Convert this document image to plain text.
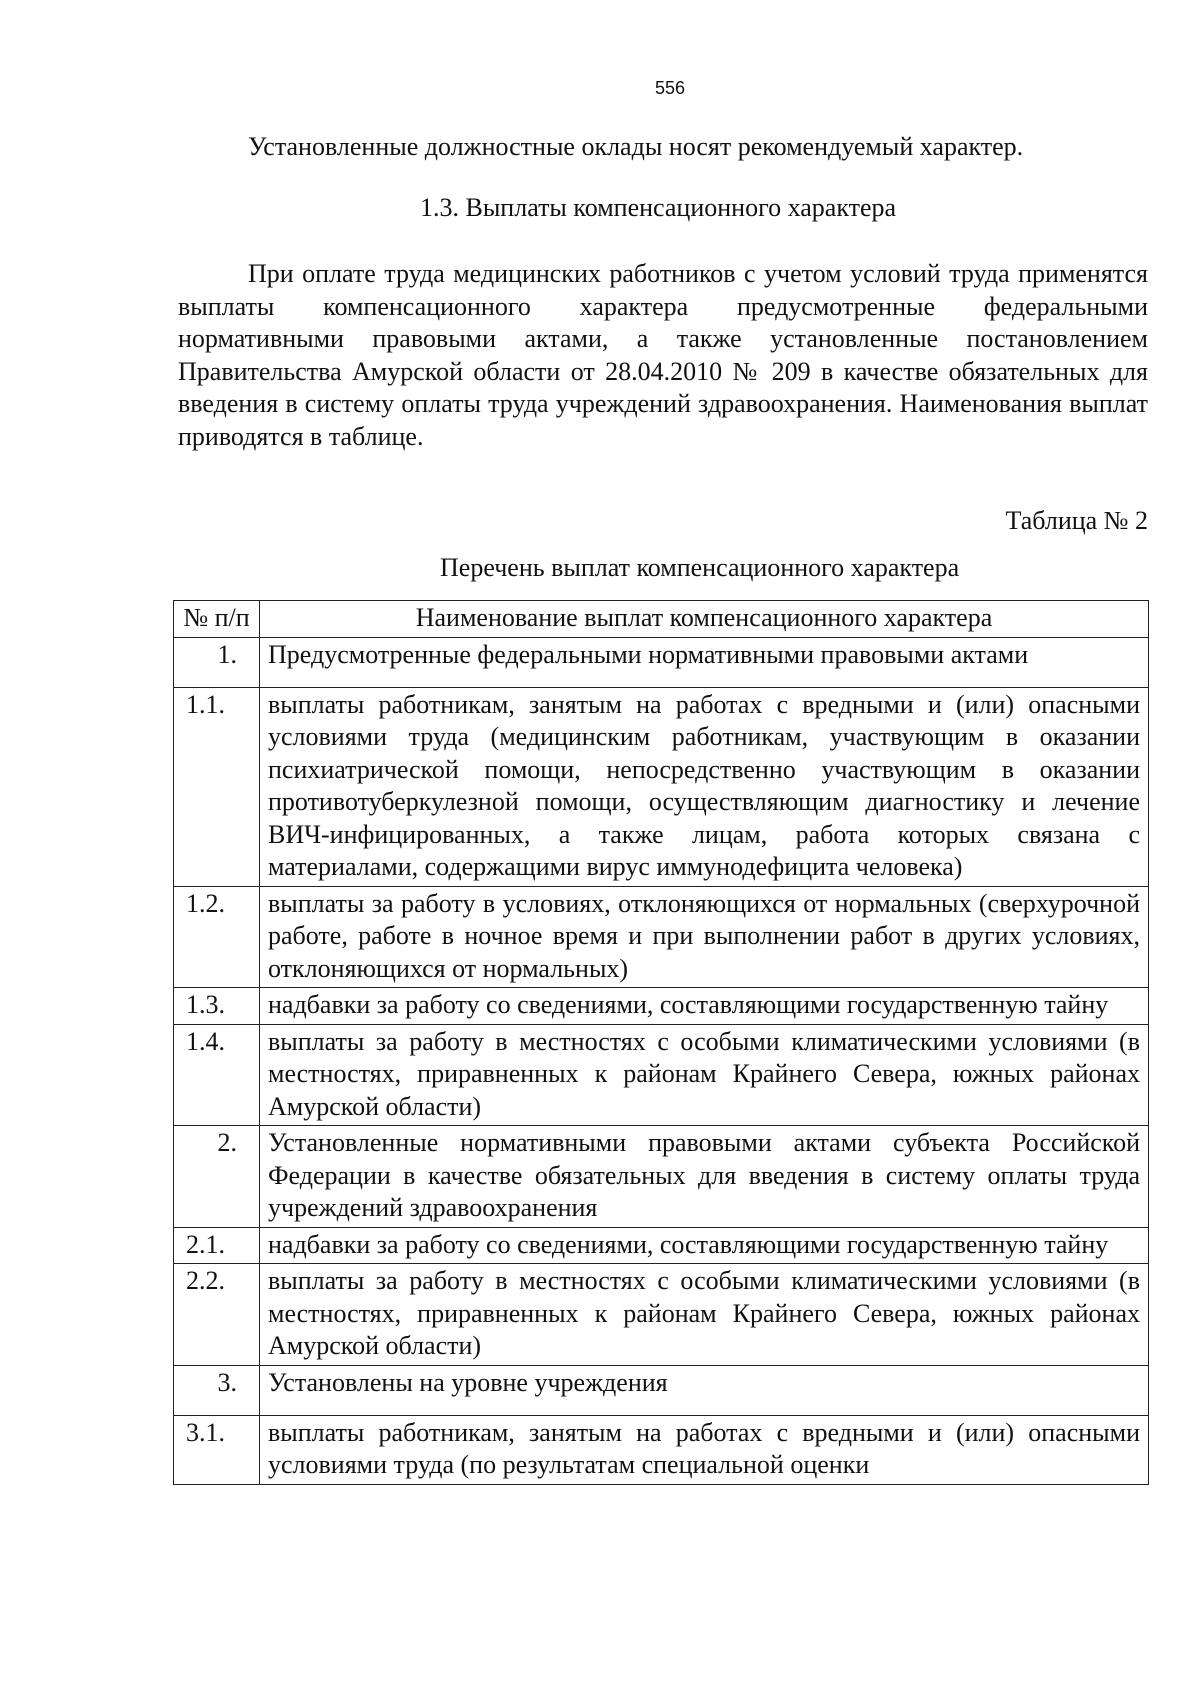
556
Установленные должностные оклады носят рекомендуемый характер.
1.3. Выплаты компенсационного характера

При оплате труда медицинских работников с учетом условий труда применятся выплаты компенсационного характера предусмотренные федеральными нормативными правовыми актами, а также установленные постановлением Правительства Амурской области от 28.04.2010 № 209 в качестве обязательных для введения в систему оплаты труда учреждений здравоохранения. Наименования выплат приводятся в таблице.

Таблица № 2
Перечень выплат компенсационного характера
№ п/п	Наименование выплат компенсационного характера
1.	Предусмотренные федеральными нормативными правовыми актами
1.1.	выплаты работникам, занятым на работах с вредными и (или) опасными условиями труда (медицинским работникам, участвующим в оказании психиатрической помощи, непосредственно участвующим в оказании противотуберкулезной помощи, осуществляющим диагностику и лечение ВИЧ-инфицированных, а также лицам, работа которых связана с материалами, содержащими вирус иммунодефицита человека)
1.2.	выплаты за работу в условиях, отклоняющихся от нормальных (сверхурочной работе, работе в ночное время и при выполнении работ в других условиях, отклоняющихся от нормальных)
1.3.	надбавки за работу со сведениями, составляющими государственную тайну
1.4.	выплаты за работу в местностях с особыми климатическими условиями (в местностях, приравненных к районам Крайнего Севера, южных районах Амурской области)
2.	Установленные нормативными правовыми актами субъекта Российской Федерации в качестве обязательных для введения в систему оплаты труда учреждений здравоохранения
2.1.	надбавки за работу со сведениями, составляющими государственную тайну
2.2.	выплаты за работу в местностях с особыми климатическими условиями (в местностях, приравненных к районам Крайнего Севера, южных районах Амурской области)
3.	Установлены на уровне учреждения
3.1.	выплаты работникам, занятым на работах с вредными и (или) опасными условиями труда (по результатам специальной оценки
